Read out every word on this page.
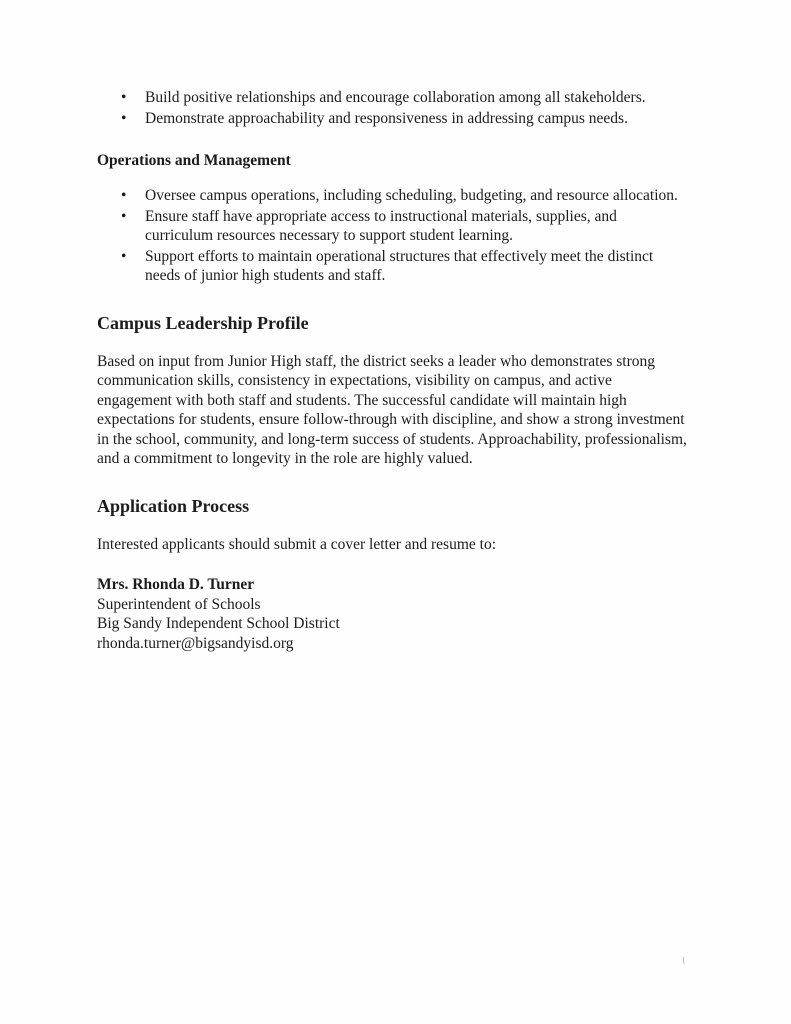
• Build positive relationships and encourage collaboration among all stakeholders.
• Demonstrate approachability and responsiveness in addressing campus needs.
Operations and Management
• Oversee campus operations, including scheduling, budgeting, and resource allocation.
• Ensure staff have appropriate access to instructional materials, supplies, and curriculum resources necessary to support student learning.
• Support efforts to maintain operational structures that effectively meet the distinct needs of junior high students and staff.
Campus Leadership Profile

Based on input from Junior High staff, the district seeks a leader who demonstrates strong communication skills, consistency in expectations, visibility on campus, and active engagement with both staff and students. The successful candidate will maintain high expectations for students, ensure follow-through with discipline, and show a strong investment in the school, community, and long-term success of students. Approachability, professionalism, and a commitment to longevity in the role are highly valued.

Application Process

Interested applicants should submit a cover letter and resume to:

Mrs. Rhonda D. Turner
Superintendent of Schools
Big Sandy Independent School District
rhonda.turner@bigsandyisd.org
\
